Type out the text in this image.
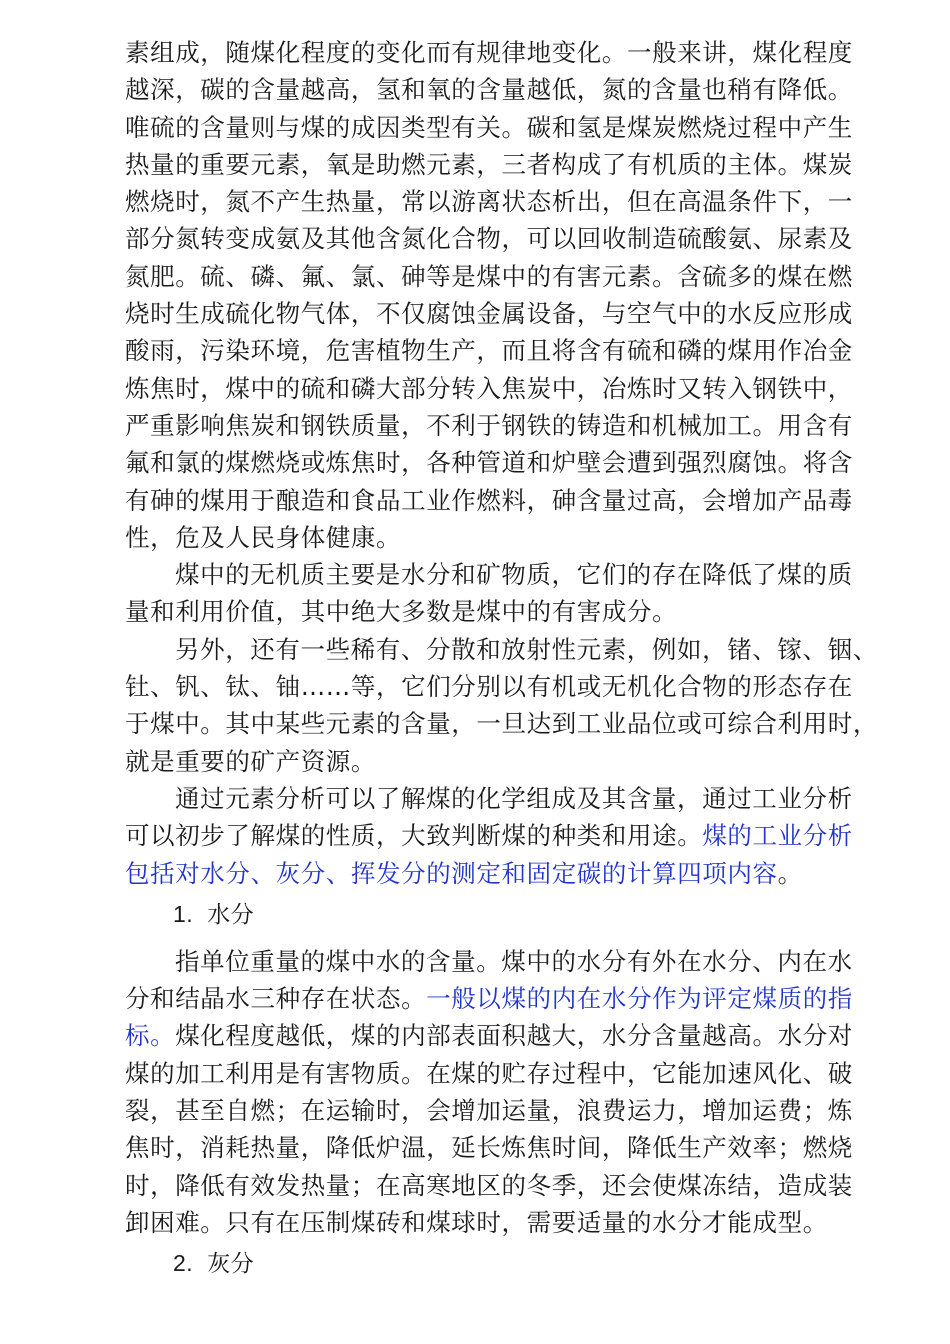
素组成，随煤化程度的变化而有规律地变化。一般来讲，煤化程度
越深，碳的含量越高，氢和氧的含量越低，氮的含量也稍有降低。
唯硫的含量则与煤的成因类型有关。碳和氢是煤炭燃烧过程中产生
热量的重要元素，氧是助燃元素，三者构成了有机质的主体。煤炭
燃烧时，氮不产生热量，常以游离状态析出，但在高温条件下，一
部分氮转变成氨及其他含氮化合物，可以回收制造硫酸氨、尿素及
氮肥。硫、磷、氟、氯、砷等是煤中的有害元素。含硫多的煤在燃
烧时生成硫化物气体，不仅腐蚀金属设备，与空气中的水反应形成
酸雨，污染环境，危害植物生产，而且将含有硫和磷的煤用作冶金
炼焦时，煤中的硫和磷大部分转入焦炭中，冶炼时又转入钢铁中，
严重影响焦炭和钢铁质量，不利于钢铁的铸造和机械加工。用含有
氟和氯的煤燃烧或炼焦时，各种管道和炉壁会遭到强烈腐蚀。将含
有砷的煤用于酿造和食品工业作燃料，砷含量过高，会增加产品毒
性，危及人民身体健康。
煤中的无机质主要是水分和矿物质，它们的存在降低了煤的质
量和利用价值，其中绝大多数是煤中的有害成分。
另外，还有一些稀有、分散和放射性元素，例如，锗、镓、铟、
钍、钒、钛、铀……等，它们分别以有机或无机化合物的形态存在
于煤中。其中某些元素的含量，一旦达到工业品位或可综合利用时，
就是重要的矿产资源。
通过元素分析可以了解煤的化学组成及其含量，通过工业分析
可以初步了解煤的性质，大致判断煤的种类和用途。煤的工业分析
包括对水分、灰分、挥发分的测定和固定碳的计算四项内容。
1. 水分
指单位重量的煤中水的含量。煤中的水分有外在水分、内在水
分和结晶水三种存在状态。一般以煤的内在水分作为评定煤质的指
标。煤化程度越低，煤的内部表面积越大，水分含量越高。水分对
煤的加工利用是有害物质。在煤的贮存过程中，它能加速风化、破
裂，甚至自燃；在运输时，会增加运量，浪费运力，增加运费；炼
焦时，消耗热量，降低炉温，延长炼焦时间，降低生产效率；燃烧
时，降低有效发热量；在高寒地区的冬季，还会使煤冻结，造成装
卸困难。只有在压制煤砖和煤球时，需要适量的水分才能成型。
2. 灰分
